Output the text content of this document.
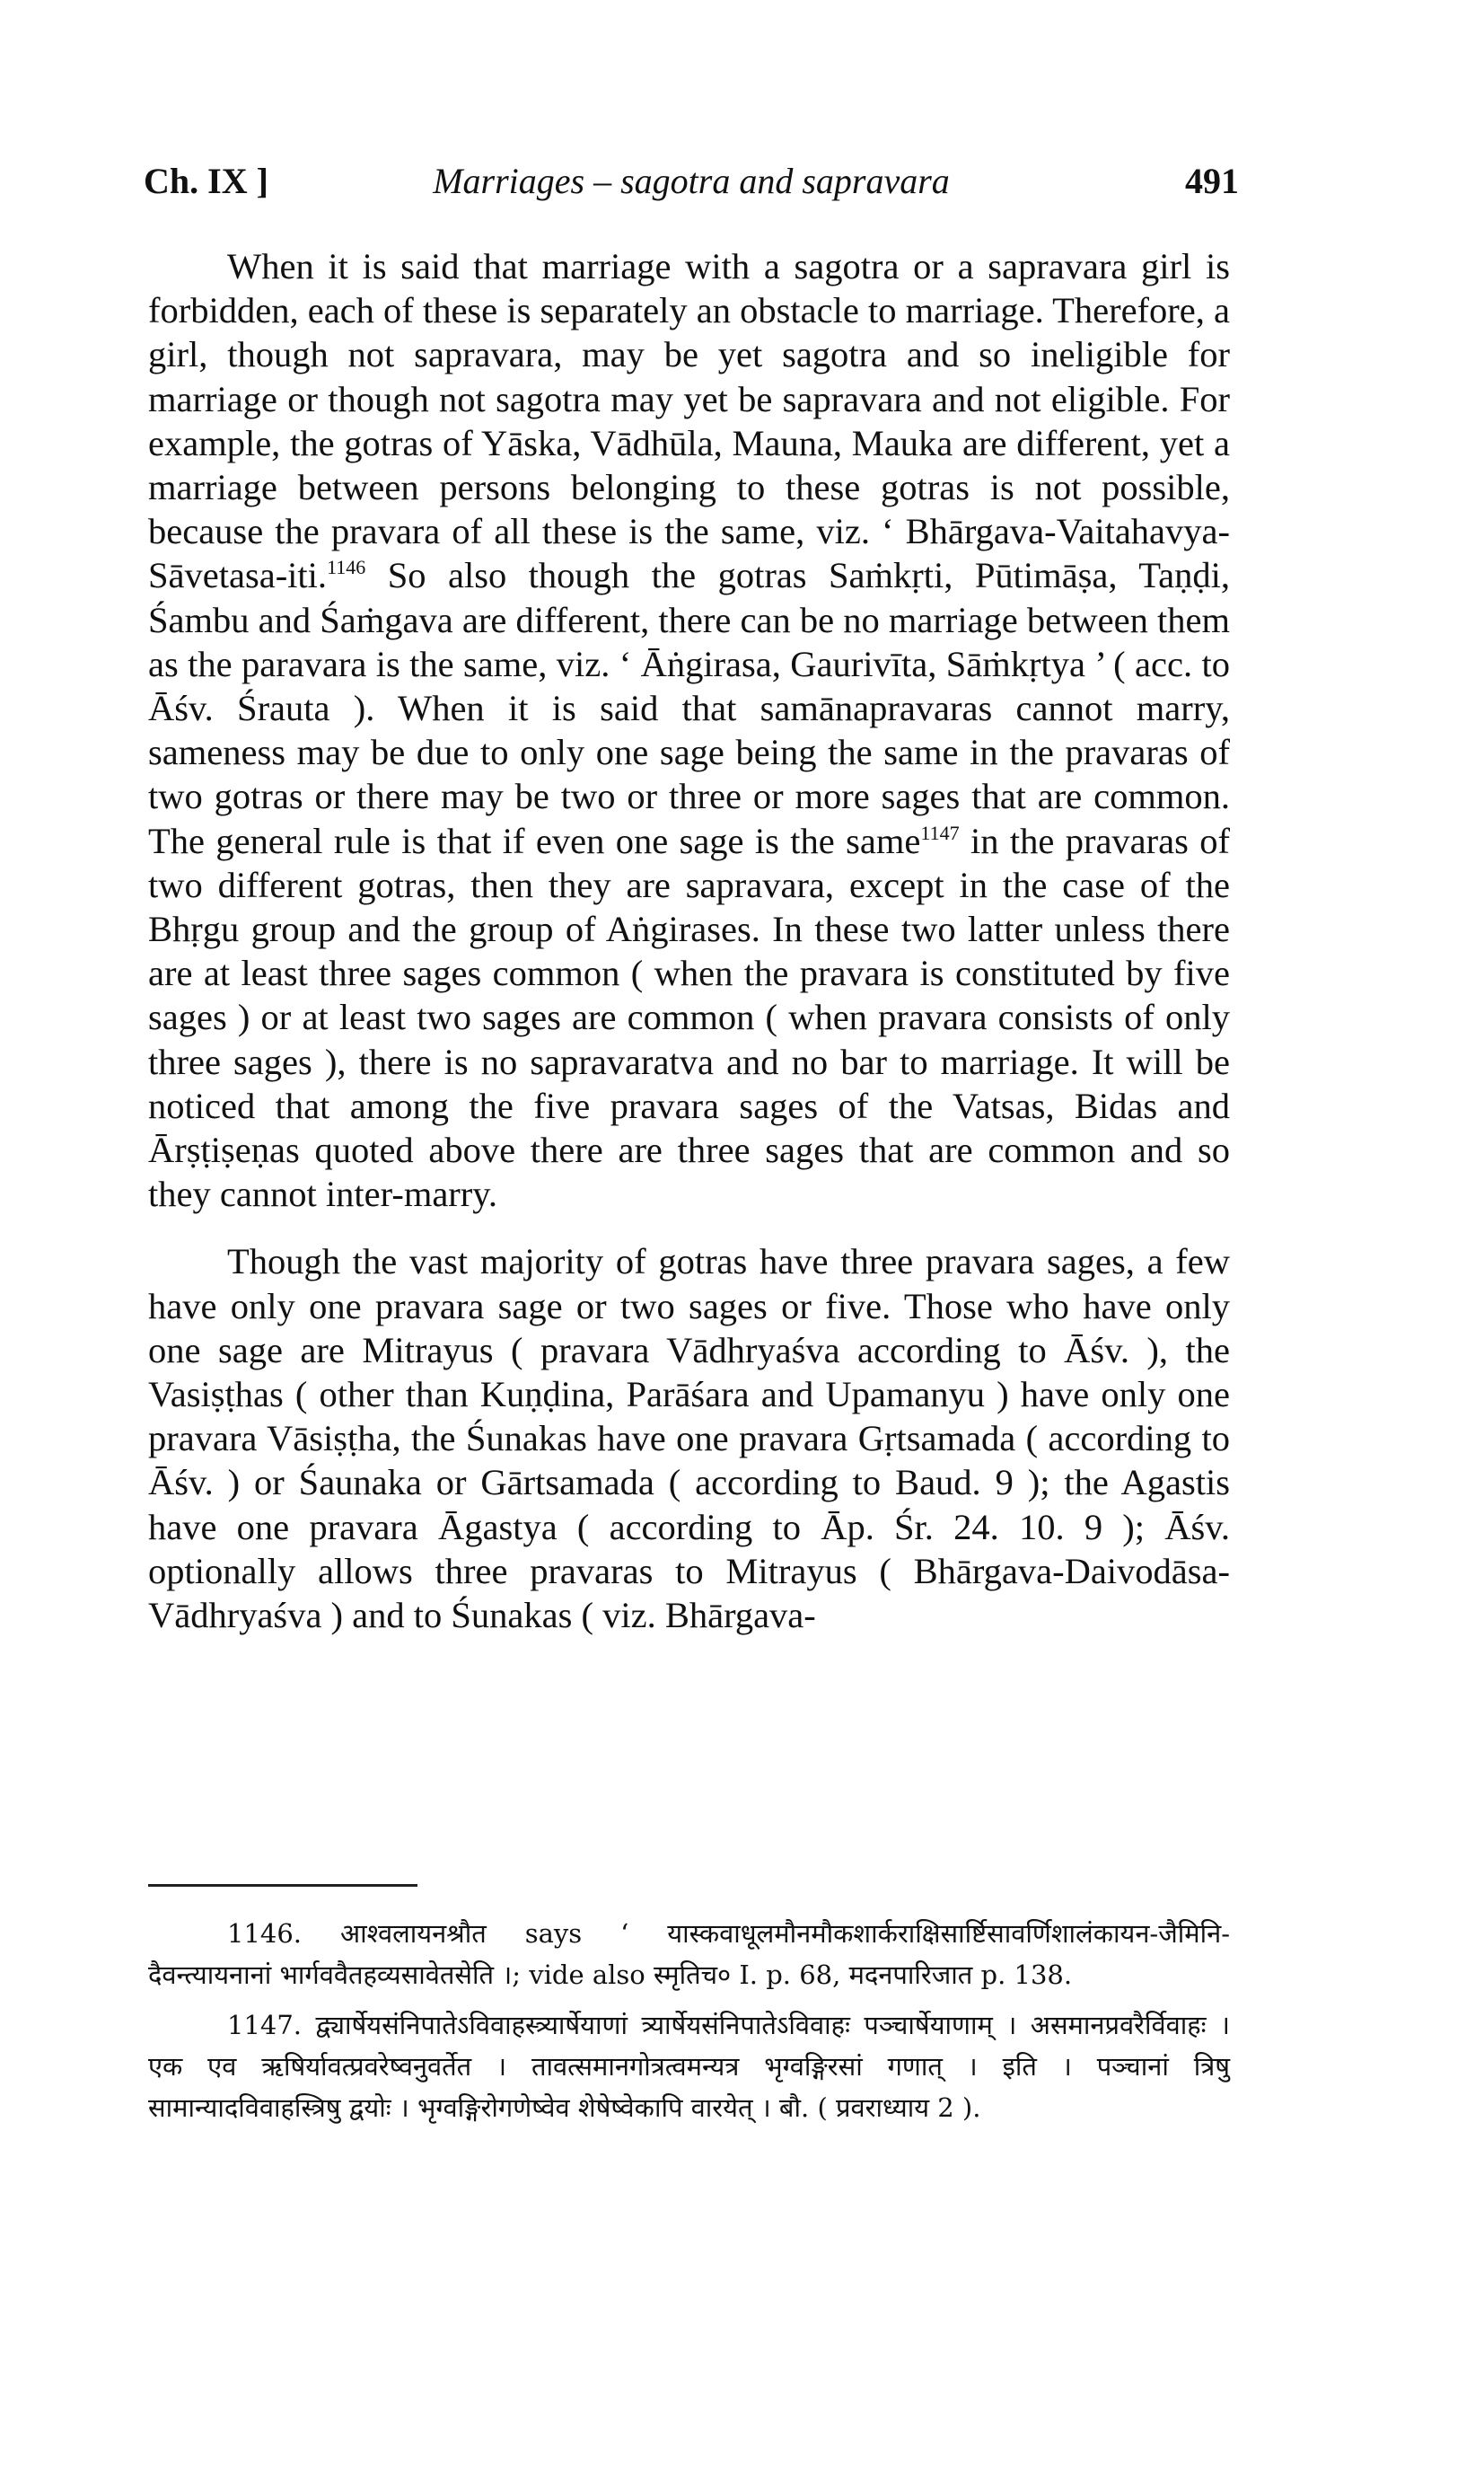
Ch. IX ]	Marriages – sagotra and sapravara	491

When it is said that marriage with a sagotra or a sapravara girl is forbidden, each of these is separately an obstacle to marriage. Therefore, a girl, though not sapravara, may be yet sagotra and so ineligible for marriage or though not sagotra may yet be sapravara and not eligible. For example, the gotras of Yāska, Vādhūla, Mauna, Mauka are different, yet a marriage between persons belonging to these gotras is not possible, because the pravara of all these is the same, viz. ‘ Bhārgava-Vaitahavya-Sāvetasa-iti.$^{1146}$ So also though the gotras Saṁkṛti, Pūtimāṣa, Taṇḍi, Śambu and Śaṁgava are different, there can be no marriage between them as the paravara is the same, viz. ‘ Āṅgirasa, Gaurivīta, Sāṁkṛtya ’ ( acc. to Āśv. Śrauta ). When it is said that samānapravaras cannot marry, sameness may be due to only one sage being the same in the pravaras of two gotras or there may be two or three or more sages that are common. The general rule is that if even one sage is the same$^{1147}$ in the pravaras of two different gotras, then they are sapravara, except in the case of the Bhṛgu group and the group of Aṅgirases. In these two latter unless there are at least three sages common ( when the pravara is constituted by five sages ) or at least two sages are common ( when pravara consists of only three sages ), there is no sapravaratva and no bar to marriage. It will be noticed that among the five pravara sages of the Vatsas, Bidas and Ārṣṭiṣeṇas quoted above there are three sages that are common and so they cannot inter-marry.

Though the vast majority of gotras have three pravara sages, a few have only one pravara sage or two sages or five. Those who have only one sage are Mitrayus ( pravara Vādhryaśva according to Āśv. ), the Vasiṣṭhas ( other than Kuṇḍina, Parāśara and Upamanyu ) have only one pravara Vāsiṣṭha, the Śunakas have one pravara Gṛtsamada ( according to Āśv. ) or Śaunaka or Gārtsamada ( according to Baud. 9 ); the Agastis have one pravara Āgastya ( according to Āp. Śr. 24. 10. 9 ); Āśv. optionally allows three pravaras to Mitrayus ( Bhārgava-Daivodāsa-Vādhryaśva ) and to Śunakas ( viz. Bhārgava-

1146. आश्वलायनश्रौत says ‘ यास्कवाधूलमौनमौकशार्कराक्षिसार्ष्टिसावर्णिशालंकायन-जैमिनि-दैवन्त्यायनानां भार्गववैतहव्यसावेतसेति ।; vide also स्मृतिच० I. p. 68, मदनपारिजात p. 138.

1147. द्व्यार्षेयसंनिपातेऽविवाहस्त्र्यार्षेयाणां त्र्यार्षेयसंनिपातेऽविवाहः पञ्चार्षेयाणाम् । असमानप्रवरैर्विवाहः । एक एव ऋषिर्यावत्प्रवरेष्वनुवर्तेत । तावत्समानगोत्रत्वमन्यत्र भृग्वङ्गिरसां गणात् । इति । पञ्चानां त्रिषु सामान्यादविवाहस्त्रिषु द्वयोः । भृग्वङ्गिरोगणेष्वेव शेषेष्वेकापि वारयेत् । बौ. ( प्रवराध्याय 2 ).
